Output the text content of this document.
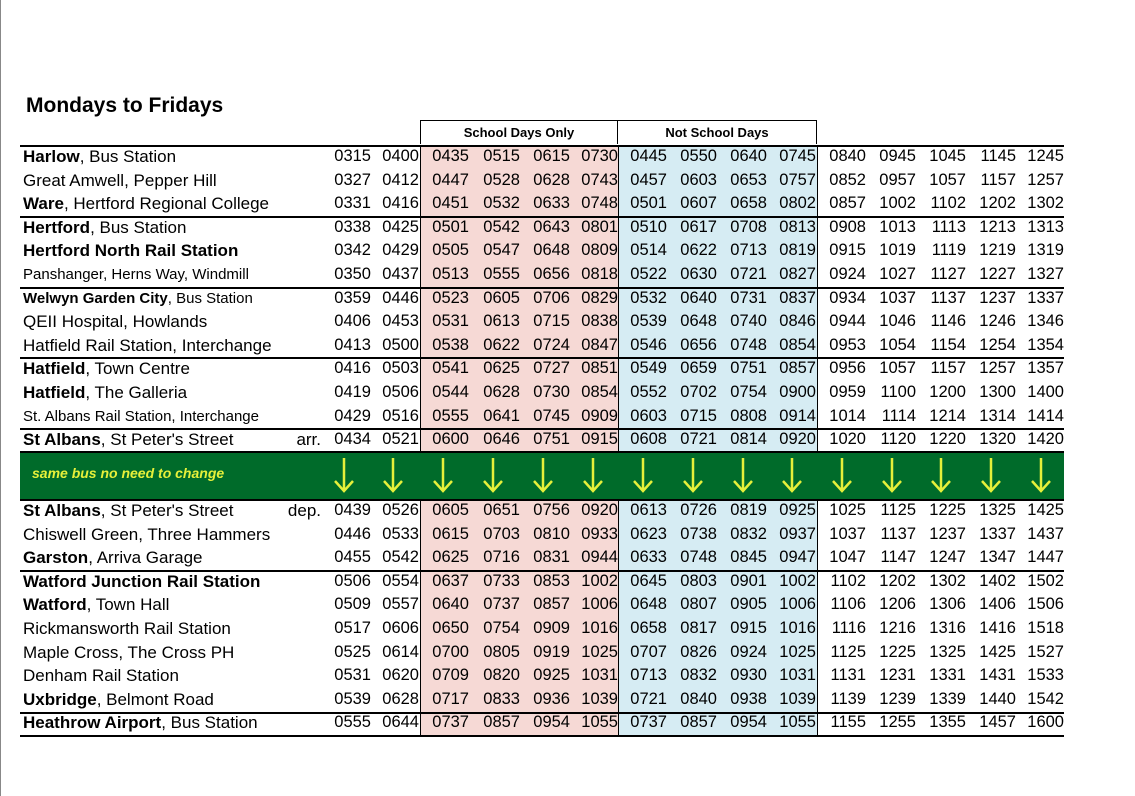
Mondays to Fridays
School Days Only	Not School Days
Harlow, Bus Station	0315 0400 0435 0515 0615 0730 0445 0550 0640 0745 0840 0945 1045 1145 1245
Great Amwell, Pepper Hill	0327 0412 0447 0528 0628 0743 0457 0603 0653 0757 0852 0957 1057 1157 1257
Ware, Hertford Regional College	0331 0416 0451 0532 0633 0748 0501 0607 0658 0802 0857 1002 1102 1202 1302
Hertford, Bus Station	0338 0425 0501 0542 0643 0801 0510 0617 0708 0813 0908 1013 1113 1213 1313
Hertford North Rail Station	0342 0429 0505 0547 0648 0809 0514 0622 0713 0819 0915 1019 1119 1219 1319
Panshanger, Herns Way, Windmill	0350 0437 0513 0555 0656 0818 0522 0630 0721 0827 0924 1027 1127 1227 1327
Welwyn Garden City, Bus Station	0359 0446 0523 0605 0706 0829 0532 0640 0731 0837 0934 1037 1137 1237 1337
QEII Hospital, Howlands	0406 0453 0531 0613 0715 0838 0539 0648 0740 0846 0944 1046 1146 1246 1346
Hatfield Rail Station, Interchange	0413 0500 0538 0622 0724 0847 0546 0656 0748 0854 0953 1054 1154 1254 1354
Hatfield, Town Centre	0416 0503 0541 0625 0727 0851 0549 0659 0751 0857 0956 1057 1157 1257 1357
Hatfield, The Galleria	0419 0506 0544 0628 0730 0854 0552 0702 0754 0900 0959 1100 1200 1300 1400
St. Albans Rail Station, Interchange	0429 0516 0555 0641 0745 0909 0603 0715 0808 0914 1014 1114 1214 1314 1414
St Albans, St Peter's Street	arr. 0434 0521 0600 0646 0751 0915 0608 0721 0814 0920 1020 1120 1220 1320 1420
St Albans, St Peter's Street	dep. 0439 0526 0605 0651 0756 0920 0613 0726 0819 0925 1025 1125 1225 1325 1425
Chiswell Green, Three Hammers	0446 0533 0615 0703 0810 0933 0623 0738 0832 0937 1037 1137 1237 1337 1437
Garston, Arriva Garage	0455 0542 0625 0716 0831 0944 0633 0748 0845 0947 1047 1147 1247 1347 1447
Watford Junction Rail Station	0506 0554 0637 0733 0853 1002 0645 0803 0901 1002 1102 1202 1302 1402 1502
Watford, Town Hall	0509 0557 0640 0737 0857 1006 0648 0807 0905 1006 1106 1206 1306 1406 1506
Rickmansworth Rail Station	0517 0606 0650 0754 0909 1016 0658 0817 0915 1016 1116 1216 1316 1416 1518
Maple Cross, The Cross PH	0525 0614 0700 0805 0919 1025 0707 0826 0924 1025 1125 1225 1325 1425 1527
Denham Rail Station	0531 0620 0709 0820 0925 1031 0713 0832 0930 1031 1131 1231 1331 1431 1533
Uxbridge, Belmont Road	0539 0628 0717 0833 0936 1039 0721 0840 0938 1039 1139 1239 1339 1440 1542
Heathrow Airport, Bus Station	0555 0644 0737 0857 0954 1055 0737 0857 0954 1055 1155 1255 1355 1457 1600
same bus no need to change
